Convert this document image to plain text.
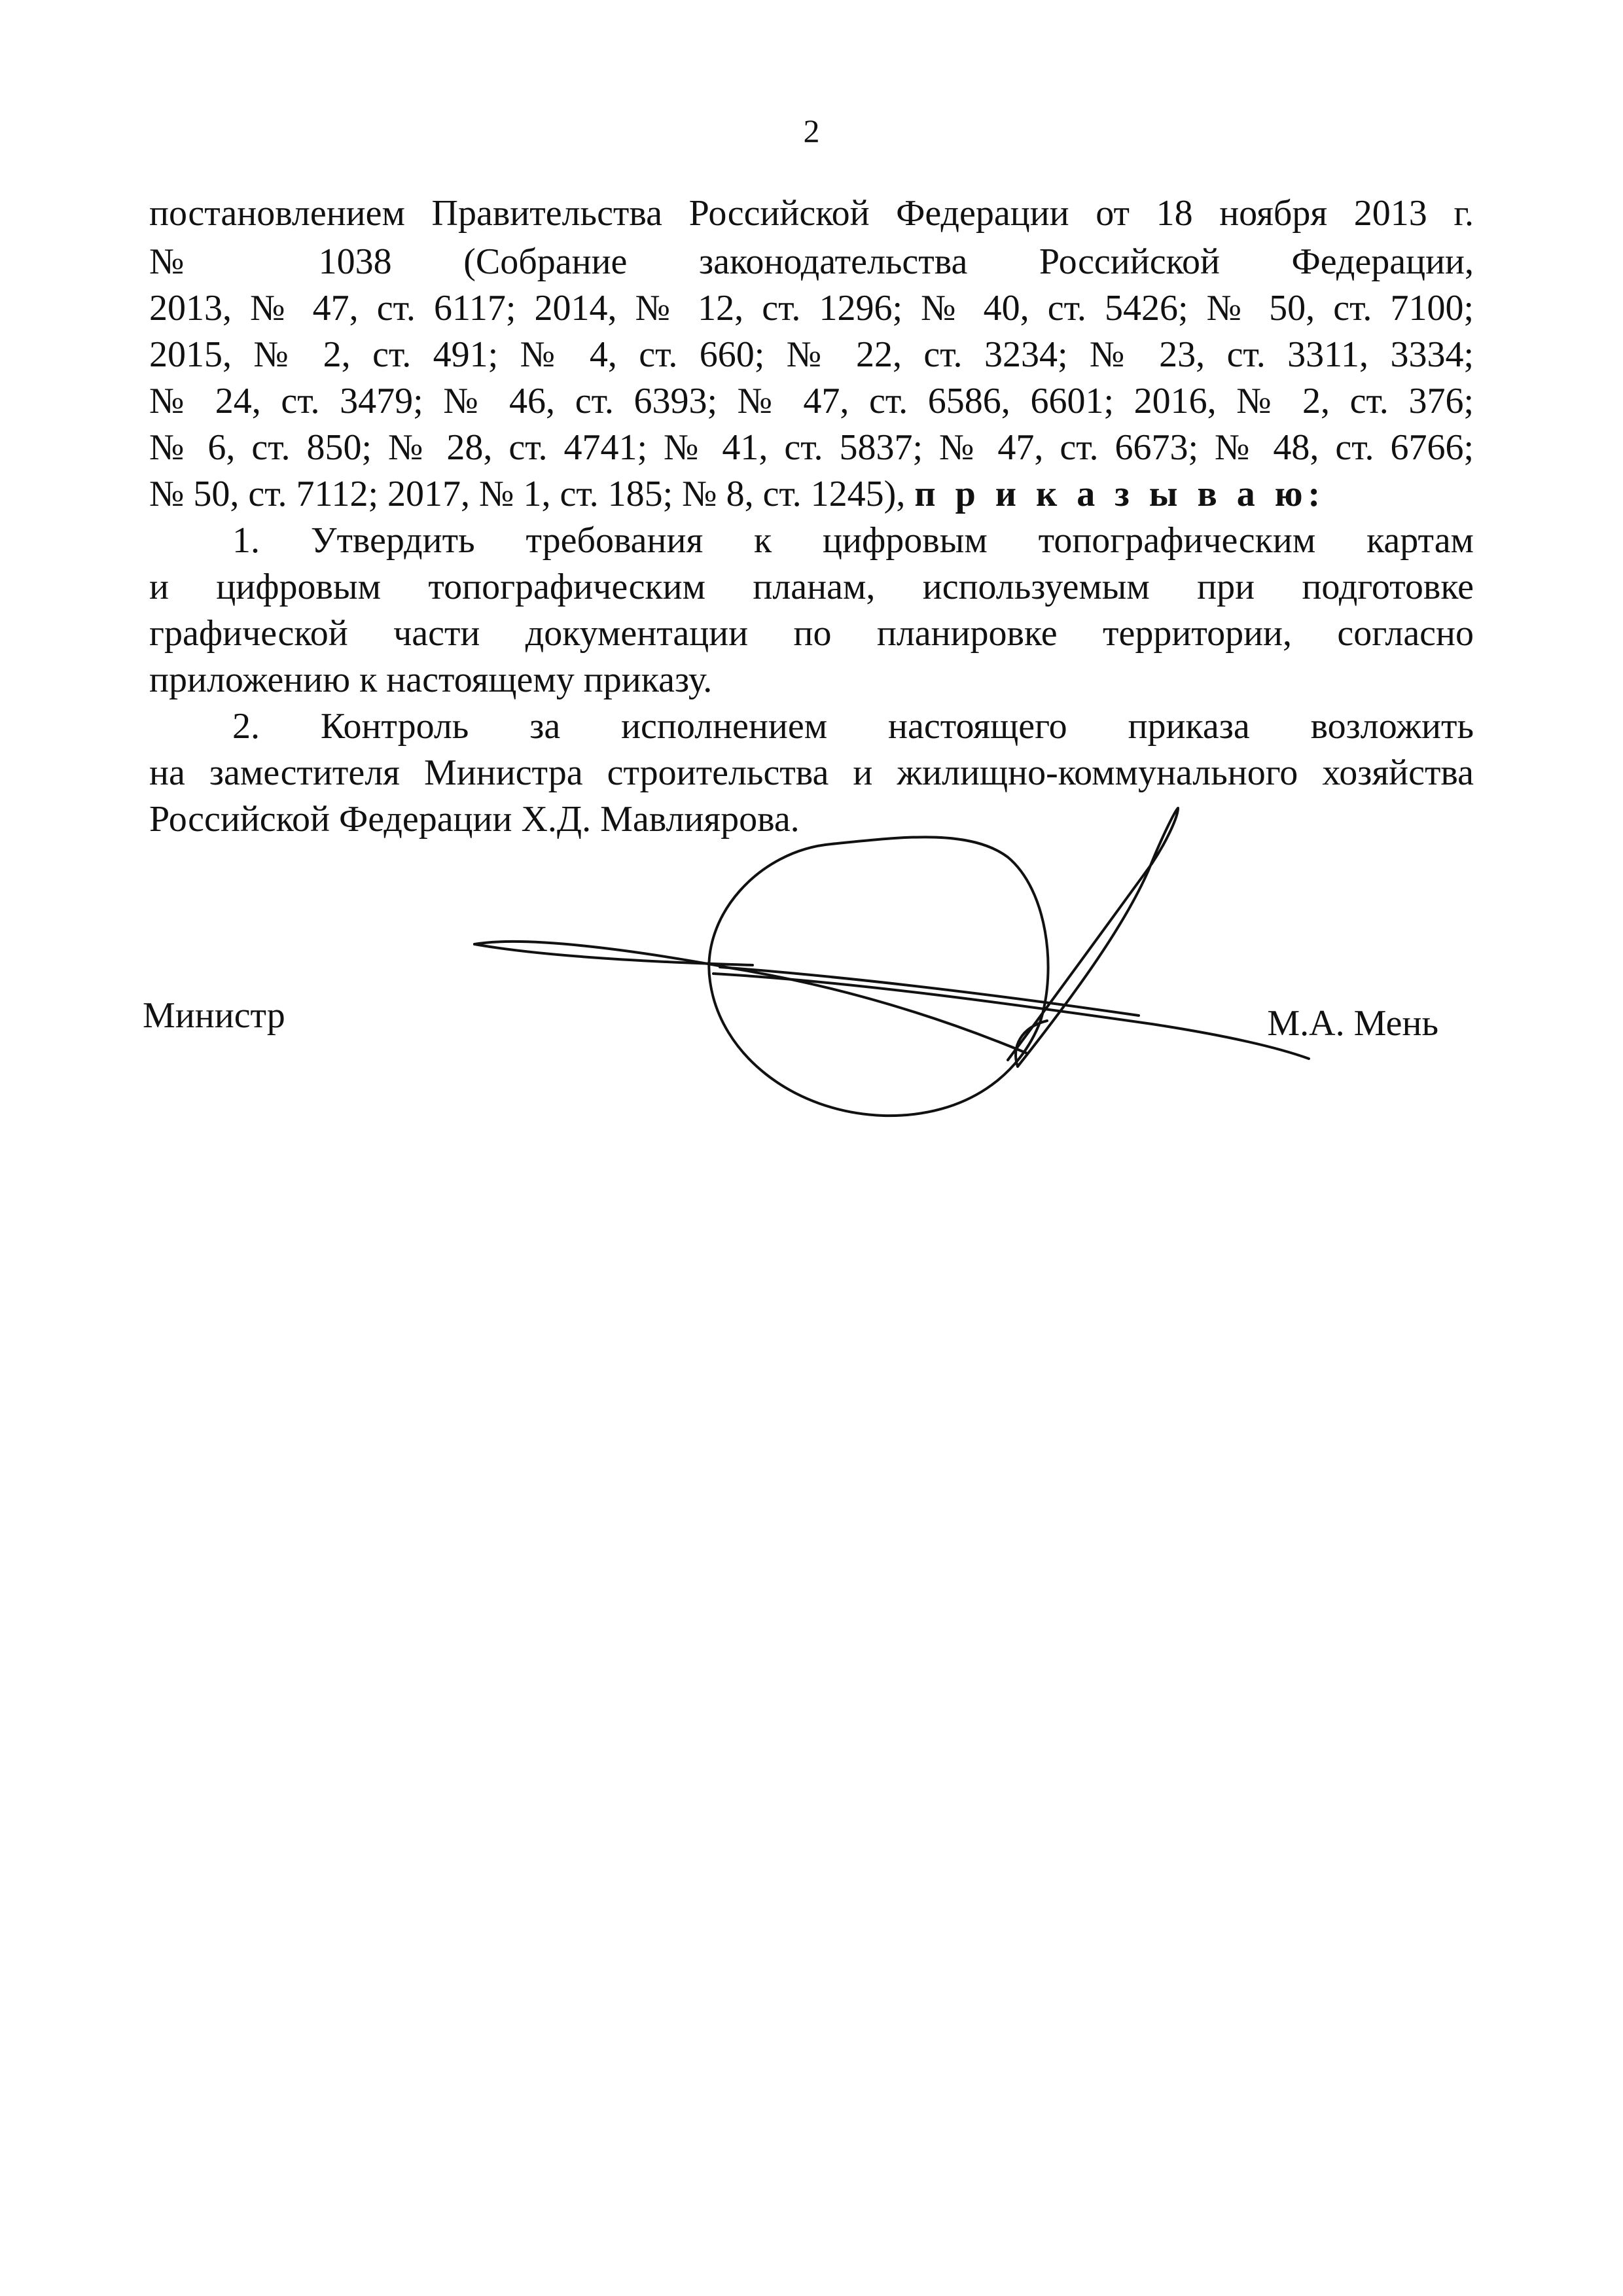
2
постановлением Правительства Российской Федерации от 18 ноября 2013 г.
№ 1038 (Собрание законодательства Российской Федерации,
2013, № 47, ст. 6117; 2014, № 12, ст. 1296; № 40, ст. 5426; № 50, ст. 7100;
2015, № 2, ст. 491; № 4, ст. 660; № 22, ст. 3234; № 23, ст. 3311, 3334;
№ 24, ст. 3479; № 46, ст. 6393; № 47, ст. 6586, 6601; 2016, № 2, ст. 376;
№ 6, ст. 850; № 28, ст. 4741; № 41, ст. 5837; № 47, ст. 6673; № 48, ст. 6766;
№ 50, ст. 7112; 2017, № 1, ст. 185; № 8, ст. 1245), п р и к а з ы в а ю:
1. Утвердить требования к цифровым топографическим картам
и цифровым топографическим планам, используемым при подготовке
графической части документации по планировке территории, согласно
приложению к настоящему приказу.
2. Контроль за исполнением настоящего приказа возложить
на заместителя Министра строительства и жилищно-коммунального хозяйства
Российской Федерации Х.Д. Мавлиярова.
Министр	М.А. Мень
